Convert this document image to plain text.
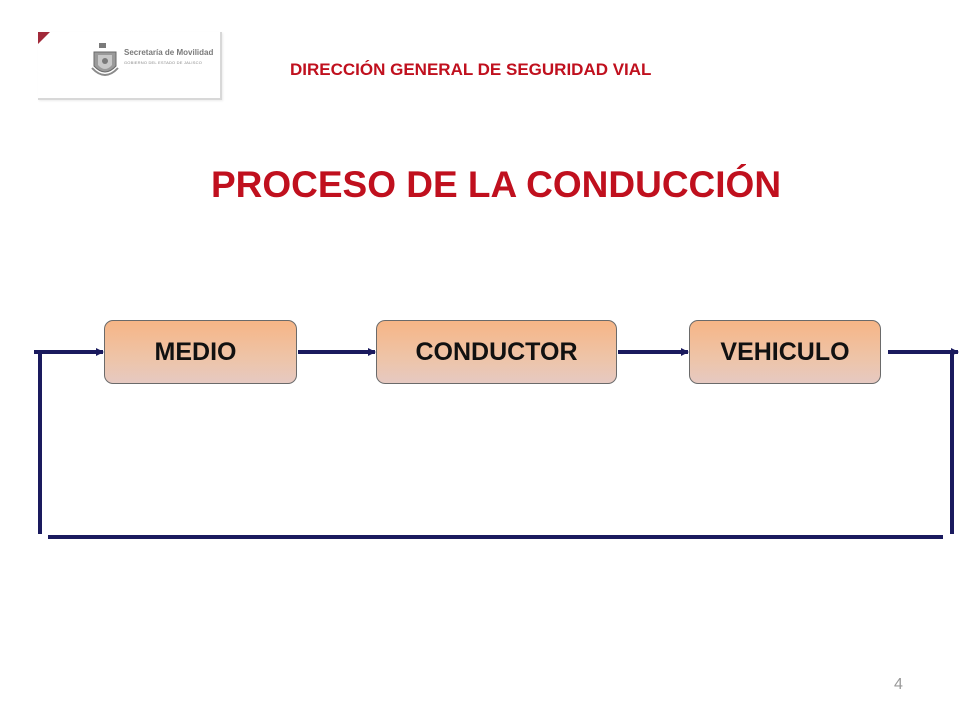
Secretaría de Movilidad
GOBIERNO DEL ESTADO DE JALISCO	DIRECCIÓN GENERAL DE SEGURIDAD VIAL
PROCESO DE LA CONDUCCIÓN
MEDIO	CONDUCTOR	VEHICULO
4
